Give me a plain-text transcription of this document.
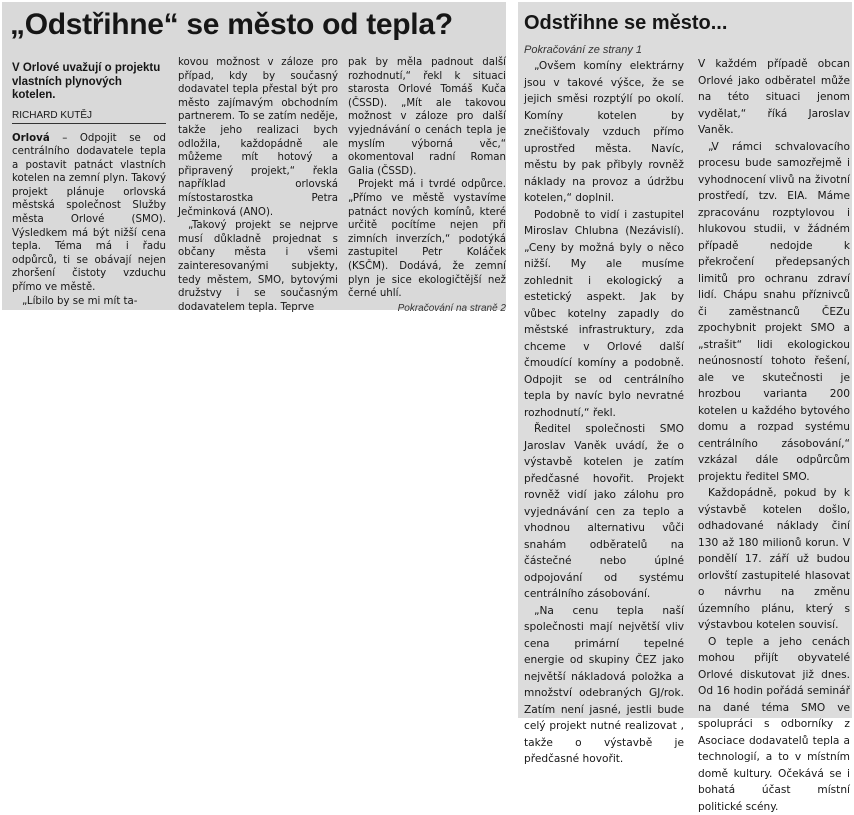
„Odstřihne“ se město od tepla?
V Orlové uvažují o projektu vlastních plynových kotelen.
RICHARD KUTĚJ

Orlová – Odpojit se od centrálního dodavatele tepla a postavit patnáct vlastních kotelen na zemní plyn. Takový projekt plánuje orlovská městská společnost Služby města Orlové (SMO). Výsledkem má být nižší cena tepla. Téma má i řadu odpůrců, ti se obávají nejen zhoršení čistoty vzduchu přímo ve městě.

„Líbilo by se mi mít ta-

kovou možnost v záloze pro případ, kdy by současný dodavatel tepla přestal být pro město zajímavým obchodním partnerem. To se zatím neděje, takže jeho realizaci bych odložila, každopádně ale můžeme mít hotový a připravený projekt,“ řekla například orlovská místostarostka Petra Ječminková (ANO).

„Takový projekt se nejprve musí důkladně projednat s občany města i všemi zainteresovanými subjekty, tedy městem, SMO, bytovými družstvy i se současným dodavatelem tepla. Teprve

pak by měla padnout další rozhodnutí,“ řekl k situaci starosta Orlové Tomáš Kuča (ČSSD). „Mít ale takovou možnost v záloze pro další vyjednávání o cenách tepla je myslím výborná věc,“ okomentoval radní Roman Galia (ČSSD).

Projekt má i tvrdé odpůrce. „Přímo ve městě vystavíme patnáct nových komínů, které určitě pocítíme nejen při zimních inverzích,“ podotýká zastupitel Petr Koláček (KSČM). Dodává, že zemní plyn je sice ekologičtější než černé uhlí.

Pokračování na straně 2
Odstřihne se město...
Pokračování ze strany 1

„Ovšem komíny elektrárny jsou v takové výšce, že se jejich směsi rozptýlí po okolí. Komíny kotelen by znečišťovaly vzduch přímo uprostřed města. Navíc, městu by pak přibyly rovněž náklady na provoz a údržbu kotelen,“ doplnil.

Podobně to vidí i zastupitel Miroslav Chlubna (Nezávislí). „Ceny by možná byly o něco nižší. My ale musíme zohlednit i ekologický a estetický aspekt. Jak by vůbec kotelny zapadly do městské infrastruktury, zda chceme v Orlové další čmoudící komíny a podobně. Odpojit se od centrálního tepla by navíc bylo nevratné rozhodnutí,“ řekl.

Ředitel společnosti SMO Jaroslav Vaněk uvádí, že o výstavbě kotelen je zatím předčasné hovořit. Projekt rovněž vidí jako zálohu pro vyjednávání cen za teplo a vhodnou alternativu vůči snahám odběratelů na částečné nebo úplné odpojování od systému centrálního zásobování.

„Na cenu tepla naší společnosti mají největší vliv cena primární tepelné energie od skupiny ČEZ jako největší nákladová položka a množství odebraných GJ/rok. Zatím není jasné, jestli bude celý projekt nutné realizovat , takže o výstavbě je předčasné hovořit.

V každém případě obcan Orlové jako odběratel může na této situaci jenom vydělat,“ říká Jaroslav Vaněk.

„V rámci schvalovacího procesu bude samozřejmě i vyhodnocení vlivů na životní prostředí, tzv. EIA. Máme zpracovánu rozptylovou i hlukovou studii, v žádném případě nedojde k překročení předepsaných limitů pro ochranu zdraví lidí. Chápu snahu příznivců či zaměstnanců ČEZu zpochybnit projekt SMO a „strašit“ lidi ekologickou neúnosností tohoto řešení, ale ve skutečnosti je hrozbou varianta 200 kotelen u každého bytového domu a rozpad systému centrálního zásobování,“ vzkázal dále odpůrcům projektu ředitel SMO.

Každopádně, pokud by k výstavbě kotelen došlo, odhadované náklady činí 130 až 180 milionů korun. V pondělí 17. září už budou orlovští zastupitelé hlasovat o návrhu na změnu územního plánu, který s výstavbou kotelen souvisí.

O teple a jeho cenách mohou přijít obyvatelé Orlové diskutovat již dnes. Od 16 hodin pořádá seminář na dané téma SMO ve spolupráci s odborníky z Asociace dodavatelů tepla a technologií, a to v místním domě kultury. Očekává se i bohatá účast místní politické scény.
